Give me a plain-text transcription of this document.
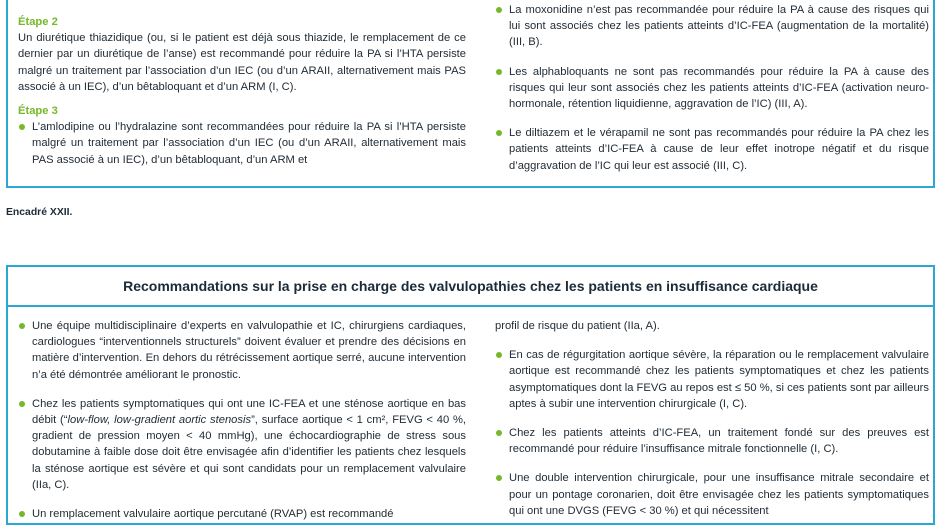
Étape 2

Un diurétique thiazidique (ou, si le patient est déjà sous thiazide, le remplacement de ce dernier par un diurétique de l’anse) est recommandé pour réduire la PA si l’HTA persiste malgré un traitement par l’association d’un IEC (ou d’un ARAII, alternativement mais PAS associé à un IEC), d’un bêtabloquant et d’un ARM (I, C).

Étape 3

L’amlodipine ou l’hydralazine sont recommandées pour réduire la PA si l’HTA persiste malgré un traitement par l’association d’un IEC (ou d’un ARAII, alternativement mais PAS associé à un IEC), d’un bêtabloquant, d’un ARM et
La moxonidine n’est pas recommandée pour réduire la PA à cause des risques qui lui sont associés chez les patients atteints d’IC-FEA (augmentation de la mortalité) (III, B).
Les alphabloquants ne sont pas recommandés pour réduire la PA à cause des risques qui leur sont associés chez les patients atteints d’IC-FEA (activation neuro-hormonale, rétention liquidienne, aggravation de l’IC) (III, A).
Le diltiazem et le vérapamil ne sont pas recommandés pour réduire la PA chez les patients atteints d’IC-FEA à cause de leur effet inotrope négatif et du risque d’aggravation de l’IC qui leur est associé (III, C).
Encadré XXII.
Recommandations sur la prise en charge des valvulopathies chez les patients en insuffisance cardiaque
Une équipe multidisciplinaire d’experts en valvulopathie et IC, chirurgiens cardiaques, cardiologues “interventionnels structurels” doivent évaluer et prendre des décisions en matière d’intervention. En dehors du rétrécissement aortique serré, aucune intervention n’a été démontrée améliorant le pronostic.
Chez les patients symptomatiques qui ont une IC-FEA et une sténose aortique en bas débit (“low-flow, low-gradient aortic stenosis”, surface aortique < 1 cm², FEVG < 40 %, gradient de pression moyen < 40 mmHg), une échocardiographie de stress sous dobutamine à faible dose doit être envisagée afin d’identifier les patients chez lesquels la sténose aortique est sévère et qui sont candidats pour un remplacement valvulaire (IIa, C).
Un remplacement valvulaire aortique percutané (RVAP) est recommandé

profil de risque du patient (IIa, A).

En cas de régurgitation aortique sévère, la réparation ou le remplacement valvulaire aortique est recommandé chez les patients symptomatiques et chez les patients asymptomatiques dont la FEVG au repos est ≤ 50 %, si ces patients sont par ailleurs aptes à subir une intervention chirurgicale (I, C).
Chez les patients atteints d’IC-FEA, un traitement fondé sur des preuves est recommandé pour réduire l’insuffisance mitrale fonctionnelle (I, C).
Une double intervention chirurgicale, pour une insuffisance mitrale secondaire et pour un pontage coronarien, doit être envisagée chez les patients symptomatiques qui ont une DVGS (FEVG < 30 %) et qui nécessitent
